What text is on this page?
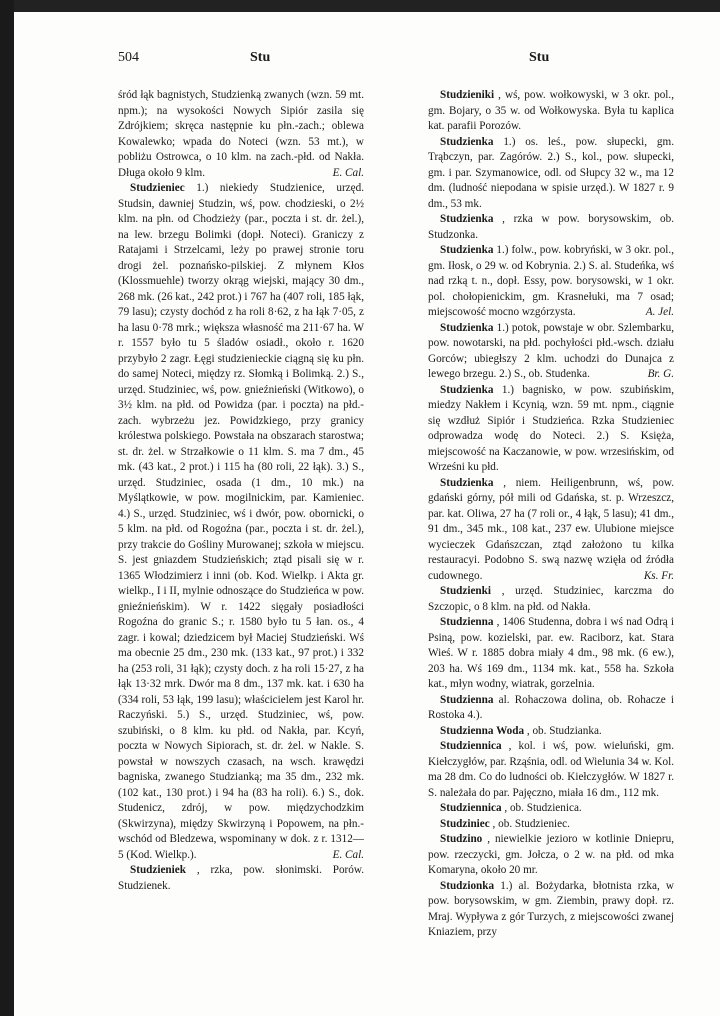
504	Stu	Stu

śród łąk bagnistych, Studzienką zwanych (wzn. 59 mt. npm.); na wysokości Nowych Sipiór zasila się Zdrójkiem; skręca następnie ku płn.-zach.; oblewa Kowalewko; wpada do Noteci (wzn. 53 mt.), w pobliżu Ostrowca, o 10 klm. na zach.-płd. od Nakła. Długa około 9 klm.	E. Cal.

Studzieniec 1.) niekiedy Studzienice, urzęd. Studsin, dawniej Studzin, wś, pow. chodzieski, o 2½ klm. na płn. od Chodzieży (par., poczta i st. dr. żel.), na lew. brzegu Bolimki (dopł. Noteci). Graniczy z Ratajami i Strzelcami, leży po prawej stronie toru drogi żel. poznańsko-pilskiej. Z młynem Kłos (Klossmuehle) tworzy okrąg wiejski, mający 30 dm., 268 mk. (26 kat., 242 prot.) i 767 ha (407 roli, 185 łąk, 79 lasu); czysty dochód z ha roli 8·62, z ha łąk 7·05, z ha lasu 0·78 mrk.; większa własność ma 211·67 ha. W r. 1557 było tu 5 śladów osiadł., około r. 1620 przybyło 2 zagr. Łęgi studzienieckie ciągną się ku płn. do samej Noteci, między rz. Słomką i Bolimką. 2.) S., urzęd. Studziniec, wś, pow. gnieźnieński (Witkowo), o 3½ klm. na płd. od Powidza (par. i poczta) na płd.-zach. wybrzeżu jez. Powidzkiego, przy granicy królestwa polskiego. Powstała na obszarach starostwa; st. dr. żel. w Strzałkowie o 11 klm. S. ma 7 dm., 45 mk. (43 kat., 2 prot.) i 115 ha (80 roli, 22 łąk). 3.) S., urzęd. Studziniec, osada (1 dm., 10 mk.) na Myślątkowie, w pow. mogilnickim, par. Kamieniec. 4.) S., urzęd. Studziniec, wś i dwór, pow. obornicki, o 5 klm. na płd. od Rogoźna (par., poczta i st. dr. żel.), przy trakcie do Gośliny Murowanej; szkoła w miejscu. S. jest gniazdem Studzieńskich; ztąd pisali się w r. 1365 Włodzimierz i inni (ob. Kod. Wielkp. i Akta gr. wielkp., I i II, mylnie odnoszące do Studzieńca w pow. gnieźnieńskim). W r. 1422 sięgały posiadłości Rogoźna do granic S.; r. 1580 było tu 5 łan. os., 4 zagr. i kowal; dziedzicem był Maciej Studzieński. Wś ma obecnie 25 dm., 230 mk. (133 kat., 97 prot.) i 332 ha (253 roli, 31 łąk); czysty doch. z ha roli 15·27, z ha łąk 13·32 mrk. Dwór ma 8 dm., 137 mk. kat. i 630 ha (334 roli, 53 łąk, 199 lasu); właścicielem jest Karol hr. Raczyński. 5.) S., urzęd. Studziniec, wś, pow. szubiński, o 8 klm. ku płd. od Nakła, par. Kcyń, poczta w Nowych Sipiorach, st. dr. żel. w Nakle. S. powstał w nowszych czasach, na wsch. krawędzi bagniska, zwanego Studzianką; ma 35 dm., 232 mk. (102 kat., 130 prot.) i 94 ha (83 ha roli). 6.) S., dok. Studenicz, zdrój, w pow. międzychodzkim (Skwirzyna), między Skwirzyną i Popowem, na płn.-wschód od Bledzewa, wspominany w dok. z r. 1312—5 (Kod. Wielkp.).	E. Cal.

Studzieniek , rzka, pow. słonimski. Porów. Studzienek.

Studzieniki , wś, pow. wołkowyski, w 3 okr. pol., gm. Bojary, o 35 w. od Wołkowyska. Była tu kaplica kat. parafii Porozów.

Studzienka 1.) os. leś., pow. słupecki, gm. Trąbczyn, par. Zagórów. 2.) S., kol., pow. słupecki, gm. i par. Szymanowice, odl. od Słupcy 32 w., ma 12 dm. (ludność niepodana w spisie urzęd.). W 1827 r. 9 dm., 53 mk.

Studzienka , rzka w pow. borysowskim, ob. Studzonka.

Studzienka 1.) folw., pow. kobryński, w 3 okr. pol., gm. Iłosk, o 29 w. od Kobrynia. 2.) S. al. Studeńka, wś nad rzką t. n., dopł. Essy, pow. borysowski, w 1 okr. pol. chołopienickim, gm. Krasnełuki, ma 7 osad; miejscowość mocno wzgórzysta.	A. Jel.

Studzienka 1.) potok, powstaje w obr. Szlembarku, pow. nowotarski, na płd. pochyłości płd.-wsch. działu Gorców; ubiegłszy 2 klm. uchodzi do Dunajca z lewego brzegu. 2.) S., ob. Studenka.	Br. G.

Studzienka 1.) bagnisko, w pow. szubińskim, miedzy Nakłem i Kcynią, wzn. 59 mt. npm., ciągnie się wzdłuż Sipiór i Studzieńca. Rzka Studzieniec odprowadza wodę do Noteci. 2.) S. Księża, miejscowość na Kaczanowie, w pow. wrzesińskim, od Wrześni ku płd.

Studzienka , niem. Heiligenbrunn, wś, pow. gdański górny, pół mili od Gdańska, st. p. Wrzeszcz, par. kat. Oliwa, 27 ha (7 roli or., 4 łąk, 5 lasu); 41 dm., 91 dm., 345 mk., 108 kat., 237 ew. Ulubione miejsce wycieczek Gdańszczan, ztąd założono tu kilka restauracyi. Podobno S. swą nazwę wzięła od źródła cudownego.	Ks. Fr.

Studzienki , urzęd. Studziniec, karczma do Szczopic, o 8 klm. na płd. od Nakła.

Studzienna , 1406 Studenna, dobra i wś nad Odrą i Psiną, pow. kozielski, par. ew. Raciborz, kat. Stara Wieś. W r. 1885 dobra miały 4 dm., 98 mk. (6 ew.), 203 ha. Wś 169 dm., 1134 mk. kat., 558 ha. Szkoła kat., młyn wodny, wiatrak, gorzelnia.

Studzienna al. Rohaczowa dolina, ob. Rohacze i Rostoka 4.).

Studzienna Woda , ob. Studzianka.

Studziennica , kol. i wś, pow. wieluński, gm. Kiełczygłów, par. Rząśnia, odl. od Wielunia 34 w. Kol. ma 28 dm. Co do ludności ob. Kiełczygłów. W 1827 r. S. należała do par. Pajęczno, miała 16 dm., 112 mk.

Studziennica , ob. Studzienica.

Studziniec , ob. Studzieniec.

Studzino , niewielkie jezioro w kotlinie Dniepru, pow. rzeczycki, gm. Jołcza, o 2 w. na płd. od mka Komaryna, około 20 mr.

Studzionka 1.) al. Bożydarka, błotnista rzka, w pow. borysowskim, w gm. Ziembin, prawy dopł. rz. Mraj. Wypływa z gór Turzych, z miejscowości zwanej Kniaziem, przy
